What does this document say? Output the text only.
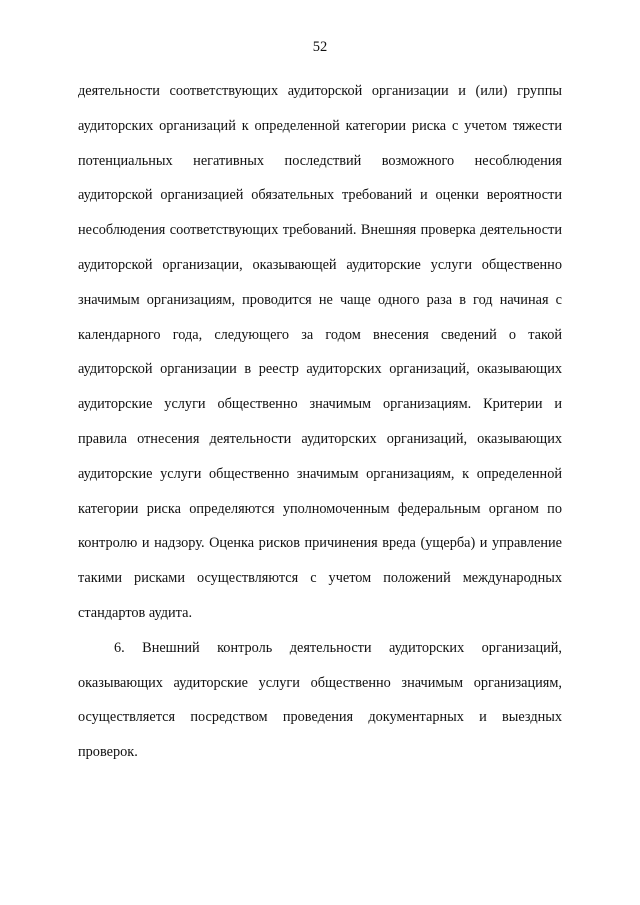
52

деятельности соответствующих аудиторской организации и (или) группы аудиторских организаций к определенной категории риска с учетом тяжести потенциальных негативных последствий возможного несоблюдения аудиторской организацией обязательных требований и оценки вероятности несоблюдения соответствующих требований. Внешняя проверка деятельности аудиторской организации, оказывающей аудиторские услуги общественно значимым организациям, проводится не чаще одного раза в год начиная с календарного года, следующего за годом внесения сведений о такой аудиторской организации в реестр аудиторских организаций, оказывающих аудиторские услуги общественно значимым организациям. Критерии и правила отнесения деятельности аудиторских организаций, оказывающих аудиторские услуги общественно значимым организациям, к определенной категории риска определяются уполномоченным федеральным органом по контролю и надзору. Оценка рисков причинения вреда (ущерба) и управление такими рисками осуществляются с учетом положений международных стандартов аудита.

6. Внешний контроль деятельности аудиторских организаций, оказывающих аудиторские услуги общественно значимым организациям, осуществляется посредством проведения документарных и выездных проверок.
